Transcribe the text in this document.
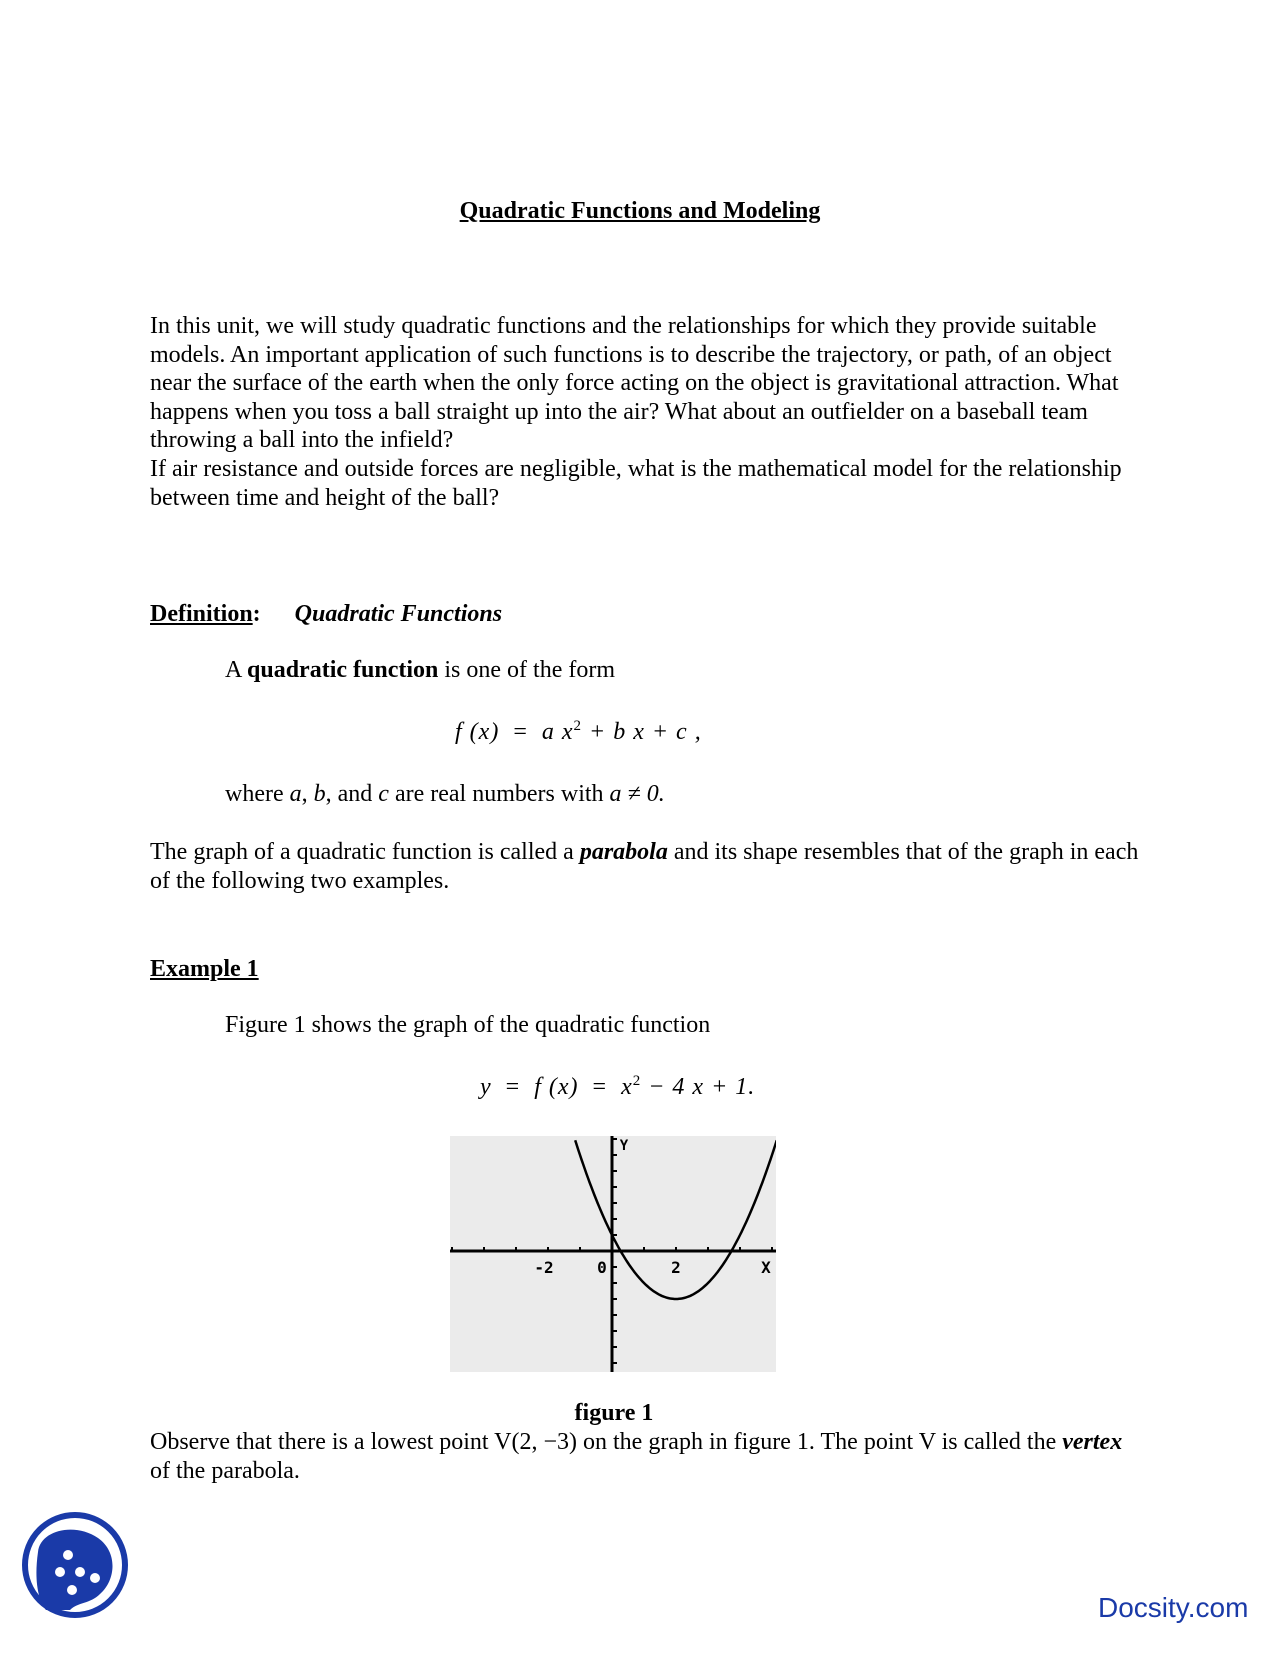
Quadratic Functions and Modeling

In this unit, we will study quadratic functions and the relationships for which they provide suitable models. An important application of such functions is to describe the trajectory, or path, of an object near the surface of the earth when the only force acting on the object is gravitational attraction. What happens when you toss a ball straight up into the air? What about an outfielder on a baseball team throwing a ball into the infield?

If air resistance and outside forces are negligible, what is the mathematical model for the relationship between time and height of the ball?

Definition: Quadratic Functions
A quadratic function is one of the form
f (x) = a $x^2 + b$ x + c ,
where a, b, and c are real numbers with a ≠ 0.
The graph of a quadratic function is called a parabola and its shape resembles that of the graph in each of the following two examples.
Example 1
Figure 1 shows the graph of the quadratic function
y = f $(x) = x^2 - 4$ x + 1.
-2	0	2	X
Y
figure 1
Observe that there is a lowest point V(2, −3) on the graph in figure 1. The point V is called the vertex of the parabola.
Docsity.com
